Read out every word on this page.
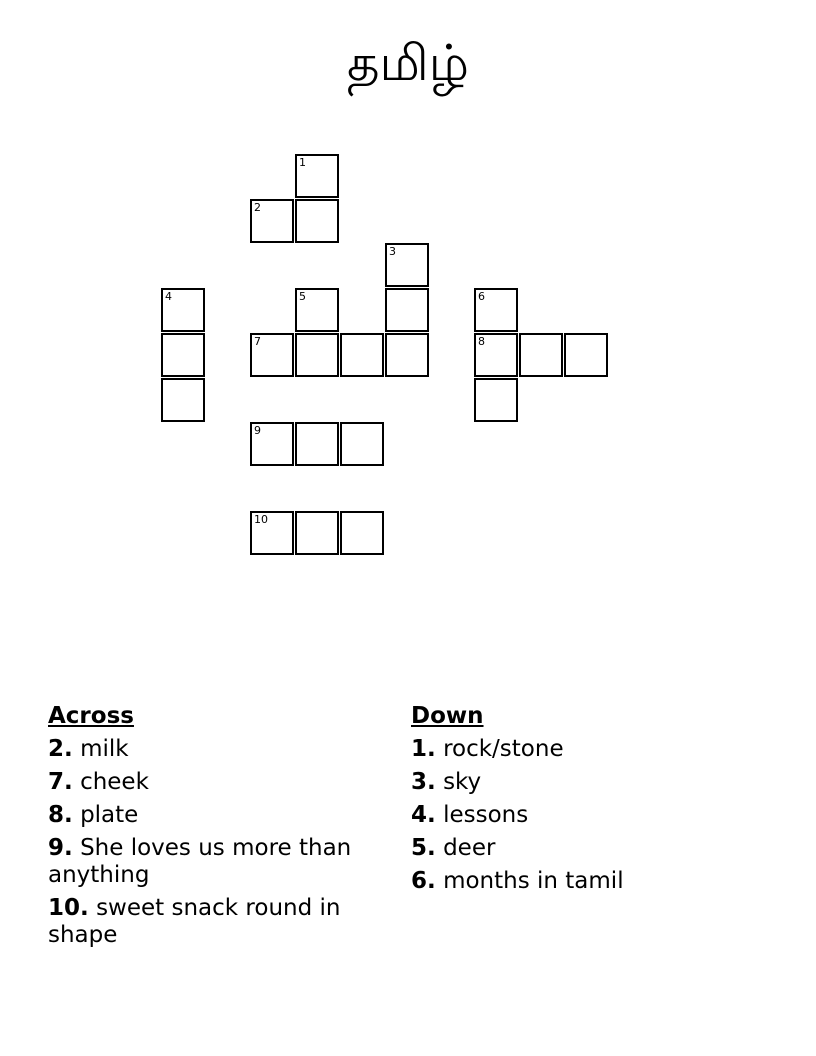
தமிழ்
1
2
3
4	5	6
7	8
9
10
Across
2. milk
7. cheek
8. plate
9. She loves us more than anything
10. sweet snack round in shape
Down
1. rock/stone
3. sky
4. lessons
5. deer
6. months in tamil
